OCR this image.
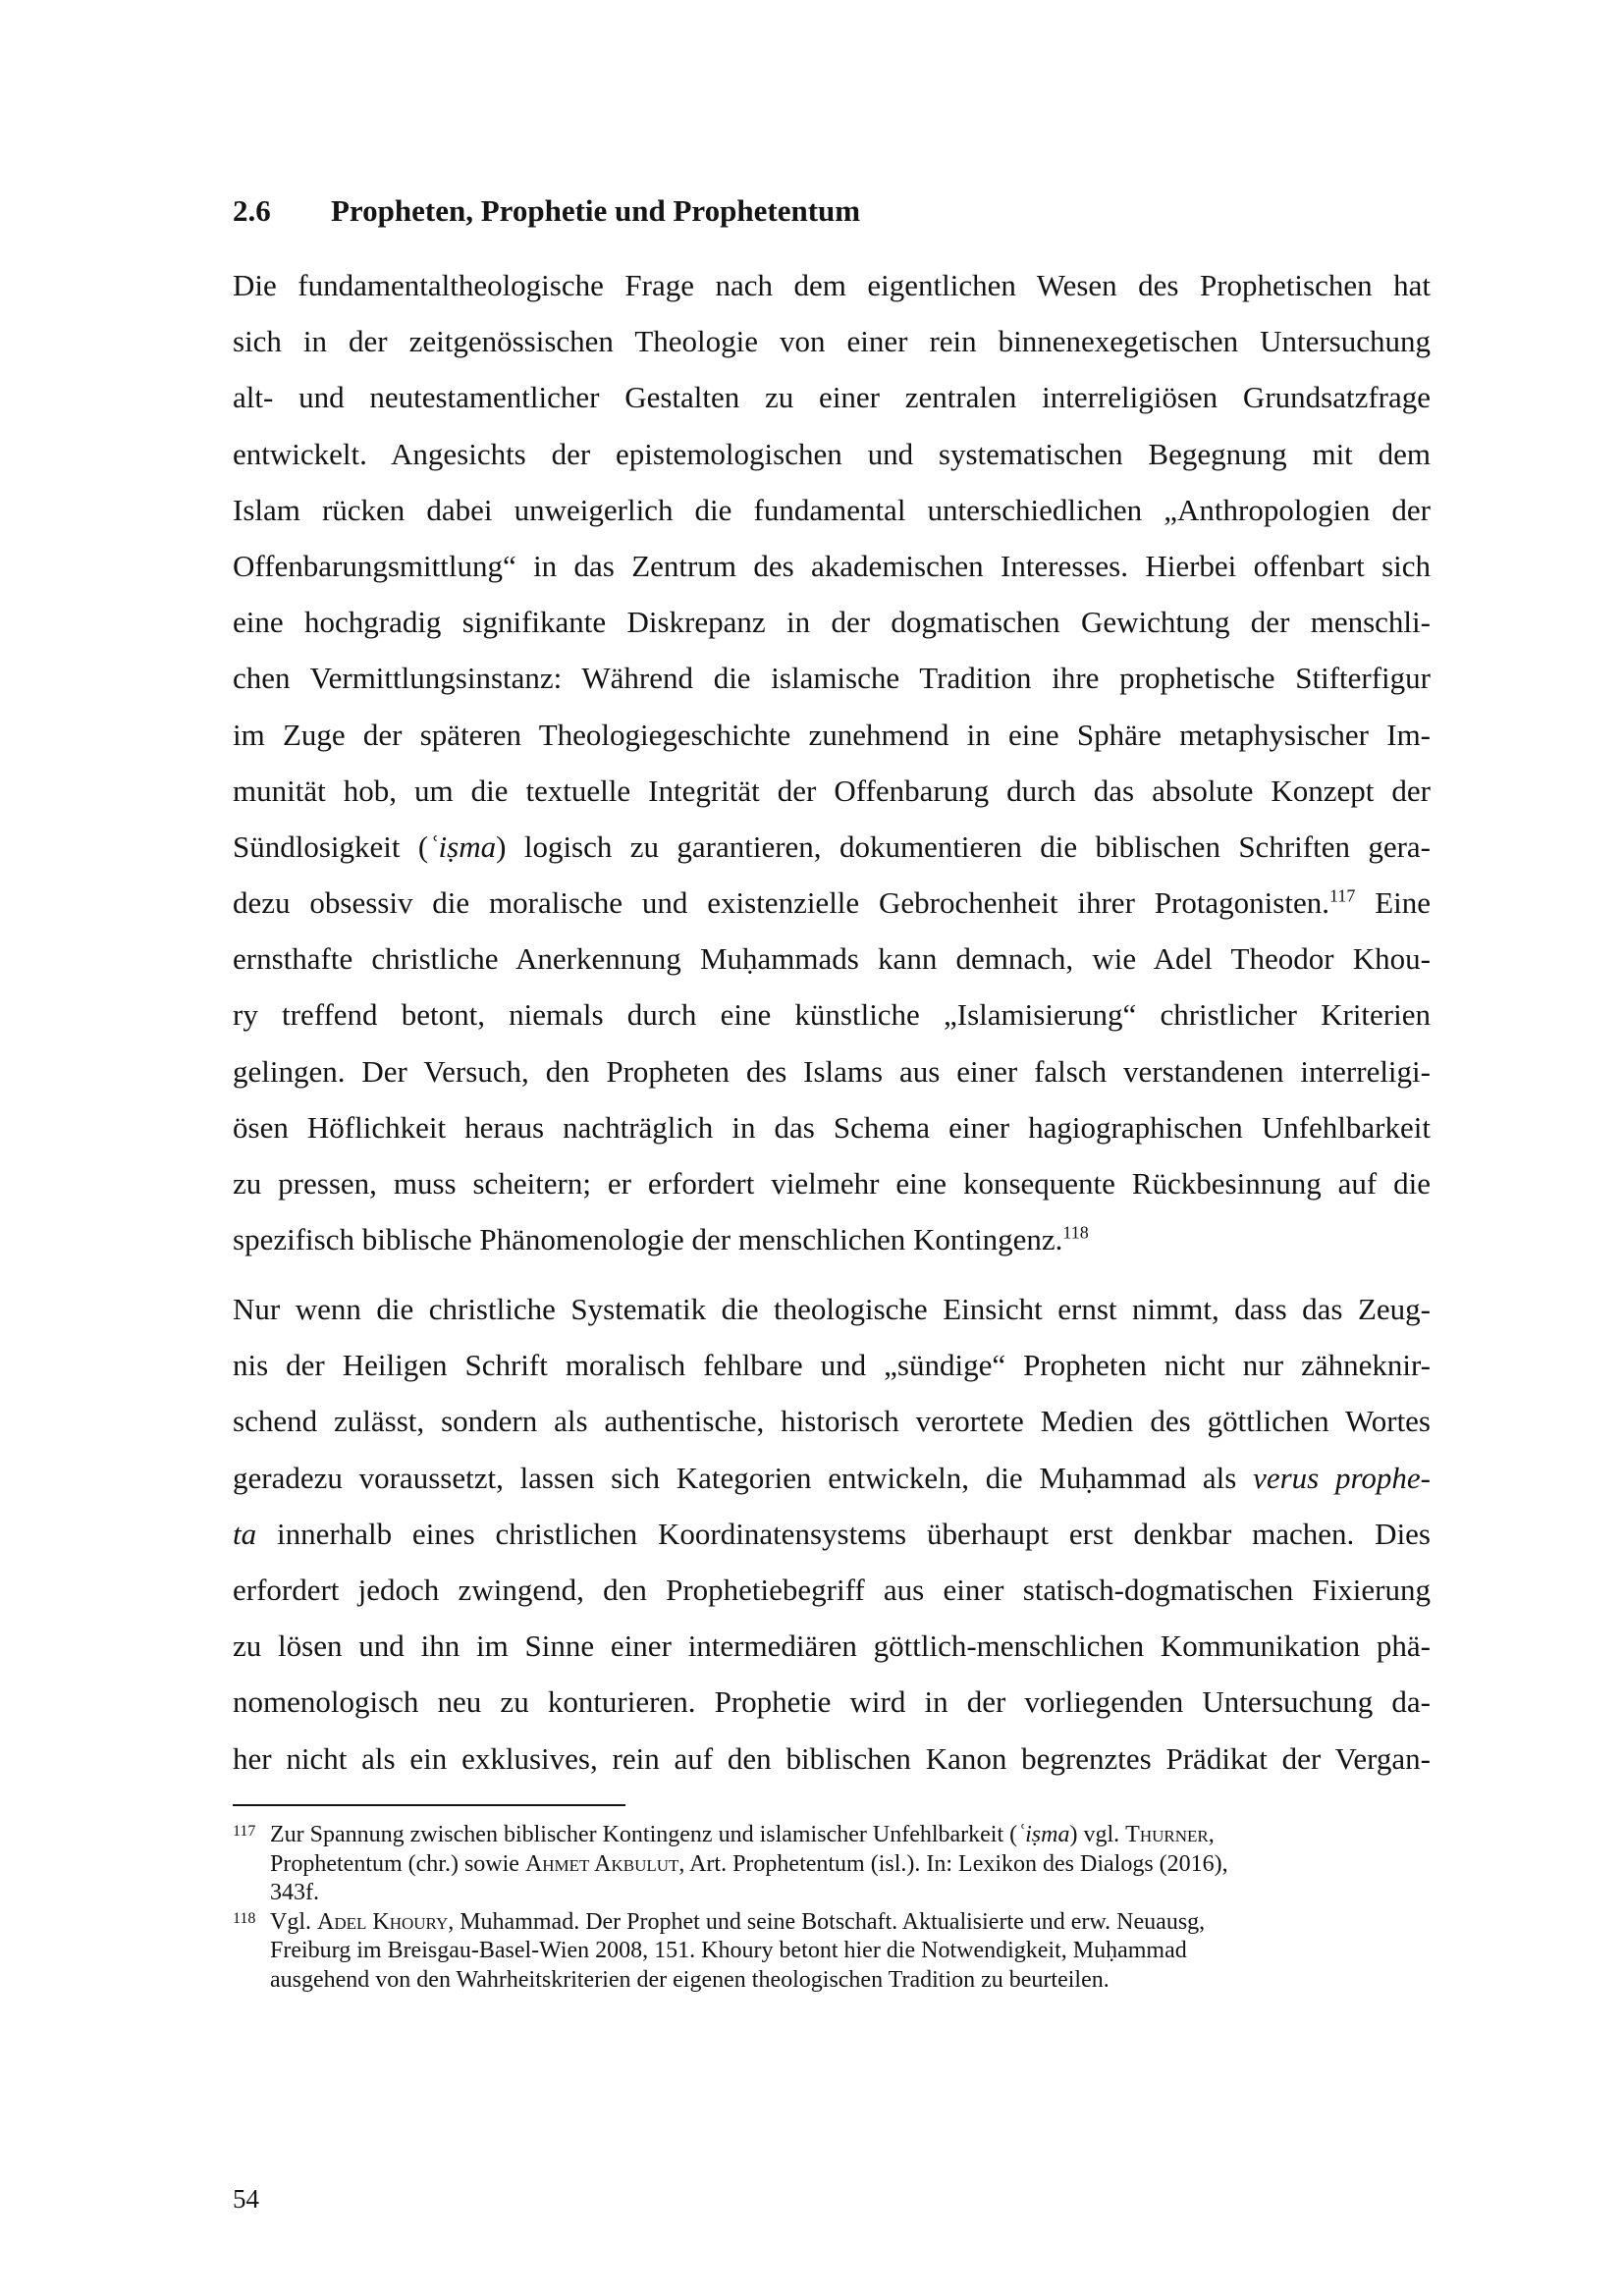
2.6 Propheten, Prophetie und Prophetentum
Die fundamentaltheologische Frage nach dem eigentlichen Wesen des Prophetischen hat
sich in der zeitgenössischen Theologie von einer rein binnenexegetischen Untersuchung
alt- und neutestamentlicher Gestalten zu einer zentralen interreligiösen Grundsatzfrage
entwickelt. Angesichts der epistemologischen und systematischen Begegnung mit dem
Islam rücken dabei unweigerlich die fundamental unterschiedlichen „Anthropologien der
Offenbarungsmittlung“ in das Zentrum des akademischen Interesses. Hierbei offenbart sich
eine hochgradig signifikante Diskrepanz in der dogmatischen Gewichtung der menschli-
chen Vermittlungsinstanz: Während die islamische Tradition ihre prophetische Stifterfigur
im Zuge der späteren Theologiegeschichte zunehmend in eine Sphäre metaphysischer Im-
munität hob, um die textuelle Integrität der Offenbarung durch das absolute Konzept der
Sündlosigkeit (ʿiṣma) logisch zu garantieren, dokumentieren die biblischen Schriften gera-
dezu obsessiv die moralische und existenzielle Gebrochenheit ihrer Protagonisten.$^{117}$ Eine
ernsthafte christliche Anerkennung Muḥammads kann demnach, wie Adel Theodor Khou-
ry treffend betont, niemals durch eine künstliche „Islamisierung“ christlicher Kriterien
gelingen. Der Versuch, den Propheten des Islams aus einer falsch verstandenen interreligi-
ösen Höflichkeit heraus nachträglich in das Schema einer hagiographischen Unfehlbarkeit
zu pressen, muss scheitern; er erfordert vielmehr eine konsequente Rückbesinnung auf die
spezifisch biblische Phänomenologie der menschlichen Kontingenz.$^{118}$
Nur wenn die christliche Systematik die theologische Einsicht ernst nimmt, dass das Zeug-
nis der Heiligen Schrift moralisch fehlbare und „sündige“ Propheten nicht nur zähneknir-
schend zulässt, sondern als authentische, historisch verortete Medien des göttlichen Wortes
geradezu voraussetzt, lassen sich Kategorien entwickeln, die Muḥammad als verus prophe-
ta innerhalb eines christlichen Koordinatensystems überhaupt erst denkbar machen. Dies
erfordert jedoch zwingend, den Prophetiebegriff aus einer statisch-dogmatischen Fixierung
zu lösen und ihn im Sinne einer intermediären göttlich-menschlichen Kommunikation phä-
nomenologisch neu zu konturieren. Prophetie wird in der vorliegenden Untersuchung da-
her nicht als ein exklusives, rein auf den biblischen Kanon begrenztes Prädikat der Vergan-
117 Zur Spannung zwischen biblischer Kontingenz und islamischer Unfehlbarkeit (ʿiṣma) vgl. Thurner,
Prophetentum (chr.) sowie Ahmet Akbulut, Art. Prophetentum (isl.). In: Lexikon des Dialogs (2016),
343f.
118 Vgl. Adel Khoury, Muhammad. Der Prophet und seine Botschaft. Aktualisierte und erw. Neuausg,
Freiburg im Breisgau-Basel-Wien 2008, 151. Khoury betont hier die Notwendigkeit, Muḥammad
ausgehend von den Wahrheitskriterien der eigenen theologischen Tradition zu beurteilen.
54
